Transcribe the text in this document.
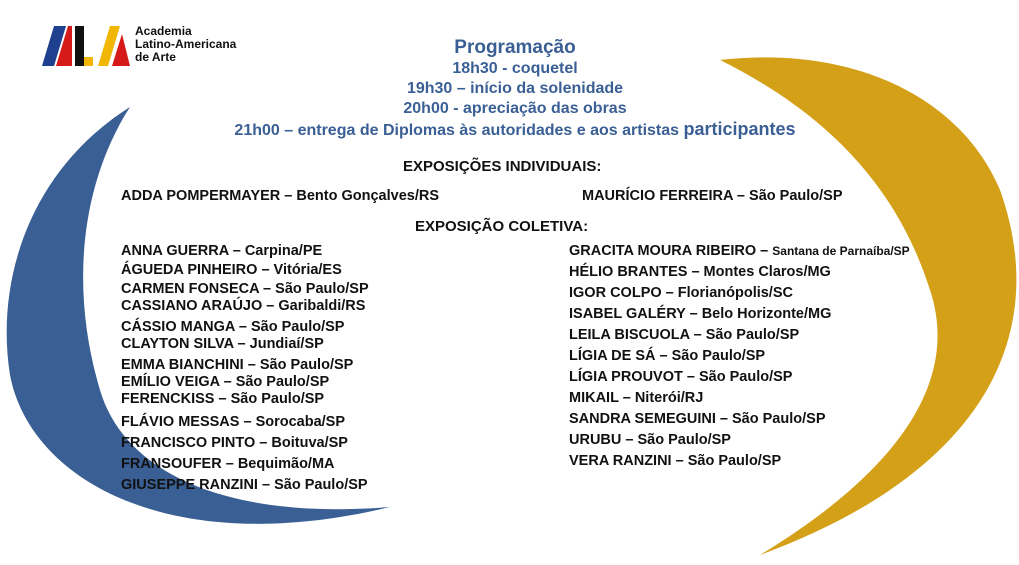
Academia
Latino-Americana
de Arte	Programação
18h30 - coquetel
19h30 – início da solenidade
20h00 - apreciação das obras
21h00 – entrega de Diplomas às autoridades e aos artistas participantes
EXPOSIÇÕES INDIVIDUAIS:
ADDA POMPERMAYER – Bento Gonçalves/RS	MAURÍCIO FERREIRA – São Paulo/SP
EXPOSIÇÃO COLETIVA:
ANNA GUERRA – Carpina/PE
ÁGUEDA PINHEIRO – Vitória/ES
CARMEN FONSECA – São Paulo/SP
CASSIANO ARAÚJO – Garibaldi/RS
CÁSSIO MANGA – São Paulo/SP
CLAYTON SILVA – Jundiaí/SP
EMMA BIANCHINI – São Paulo/SP
EMÍLIO VEIGA – São Paulo/SP
FERENCKISS – São Paulo/SP
FLÁVIO MESSAS – Sorocaba/SP
FRANCISCO PINTO – Boituva/SP
FRANSOUFER – Bequimão/MA
GIUSEPPE RANZINI – São Paulo/SP
GRACITA MOURA RIBEIRO – Santana de Parnaíba/SP
HÉLIO BRANTES – Montes Claros/MG
IGOR COLPO – Florianópolis/SC
ISABEL GALÉRY – Belo Horizonte/MG
LEILA BISCUOLA – São Paulo/SP
LÍGIA DE SÁ – São Paulo/SP
LÍGIA PROUVOT – São Paulo/SP
MIKAIL – Niterói/RJ
SANDRA SEMEGUINI – São Paulo/SP
URUBU – São Paulo/SP
VERA RANZINI – São Paulo/SP
